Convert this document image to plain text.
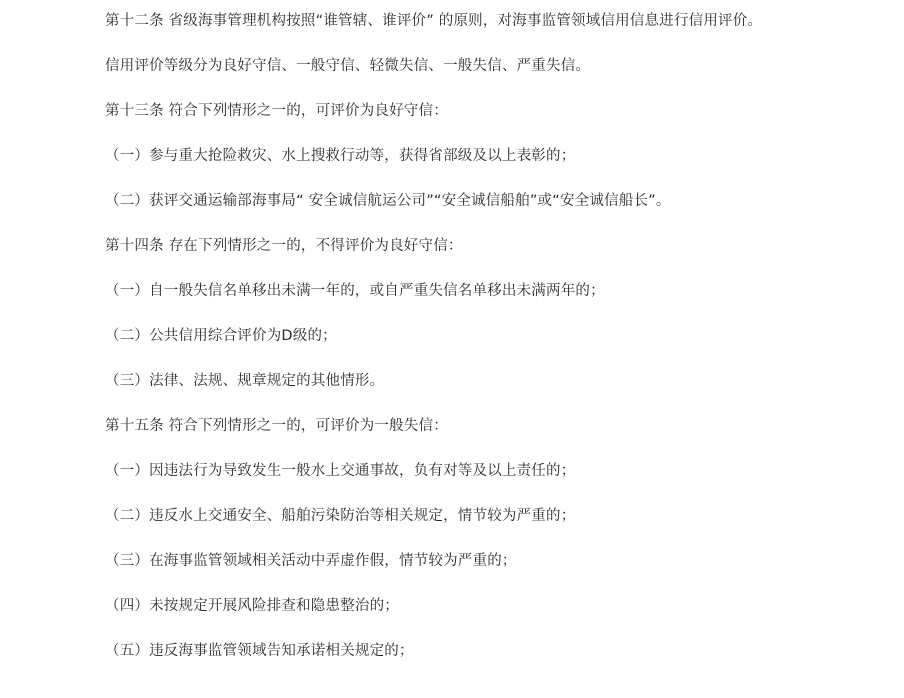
第十二条 省级海事管理机构按照“谁管辖、谁评价” 的原则，对海事监管领域信用信息进行信用评价。

信用评价等级分为良好守信、一般守信、轻微失信、一般失信、严重失信。

第十三条 符合下列情形之一的，可评价为良好守信：

（一）参与重大抢险救灾、水上搜救行动等，获得省部级及以上表彰的；

（二）获评交通运输部海事局“ 安全诚信航运公司”“安全诚信船舶”或“安全诚信船长”。

第十四条 存在下列情形之一的，不得评价为良好守信：

（一）自一般失信名单移出未满一年的，或自严重失信名单移出未满两年的；

（二）公共信用综合评价为D级的；

（三）法律、法规、规章规定的其他情形。

第十五条 符合下列情形之一的，可评价为一般失信：

（一）因违法行为导致发生一般水上交通事故，负有对等及以上责任的；

（二）违反水上交通安全、船舶污染防治等相关规定，情节较为严重的；

（三）在海事监管领域相关活动中弄虚作假，情节较为严重的；

（四）未按规定开展风险排查和隐患整治的；

（五）违反海事监管领域告知承诺相关规定的；
